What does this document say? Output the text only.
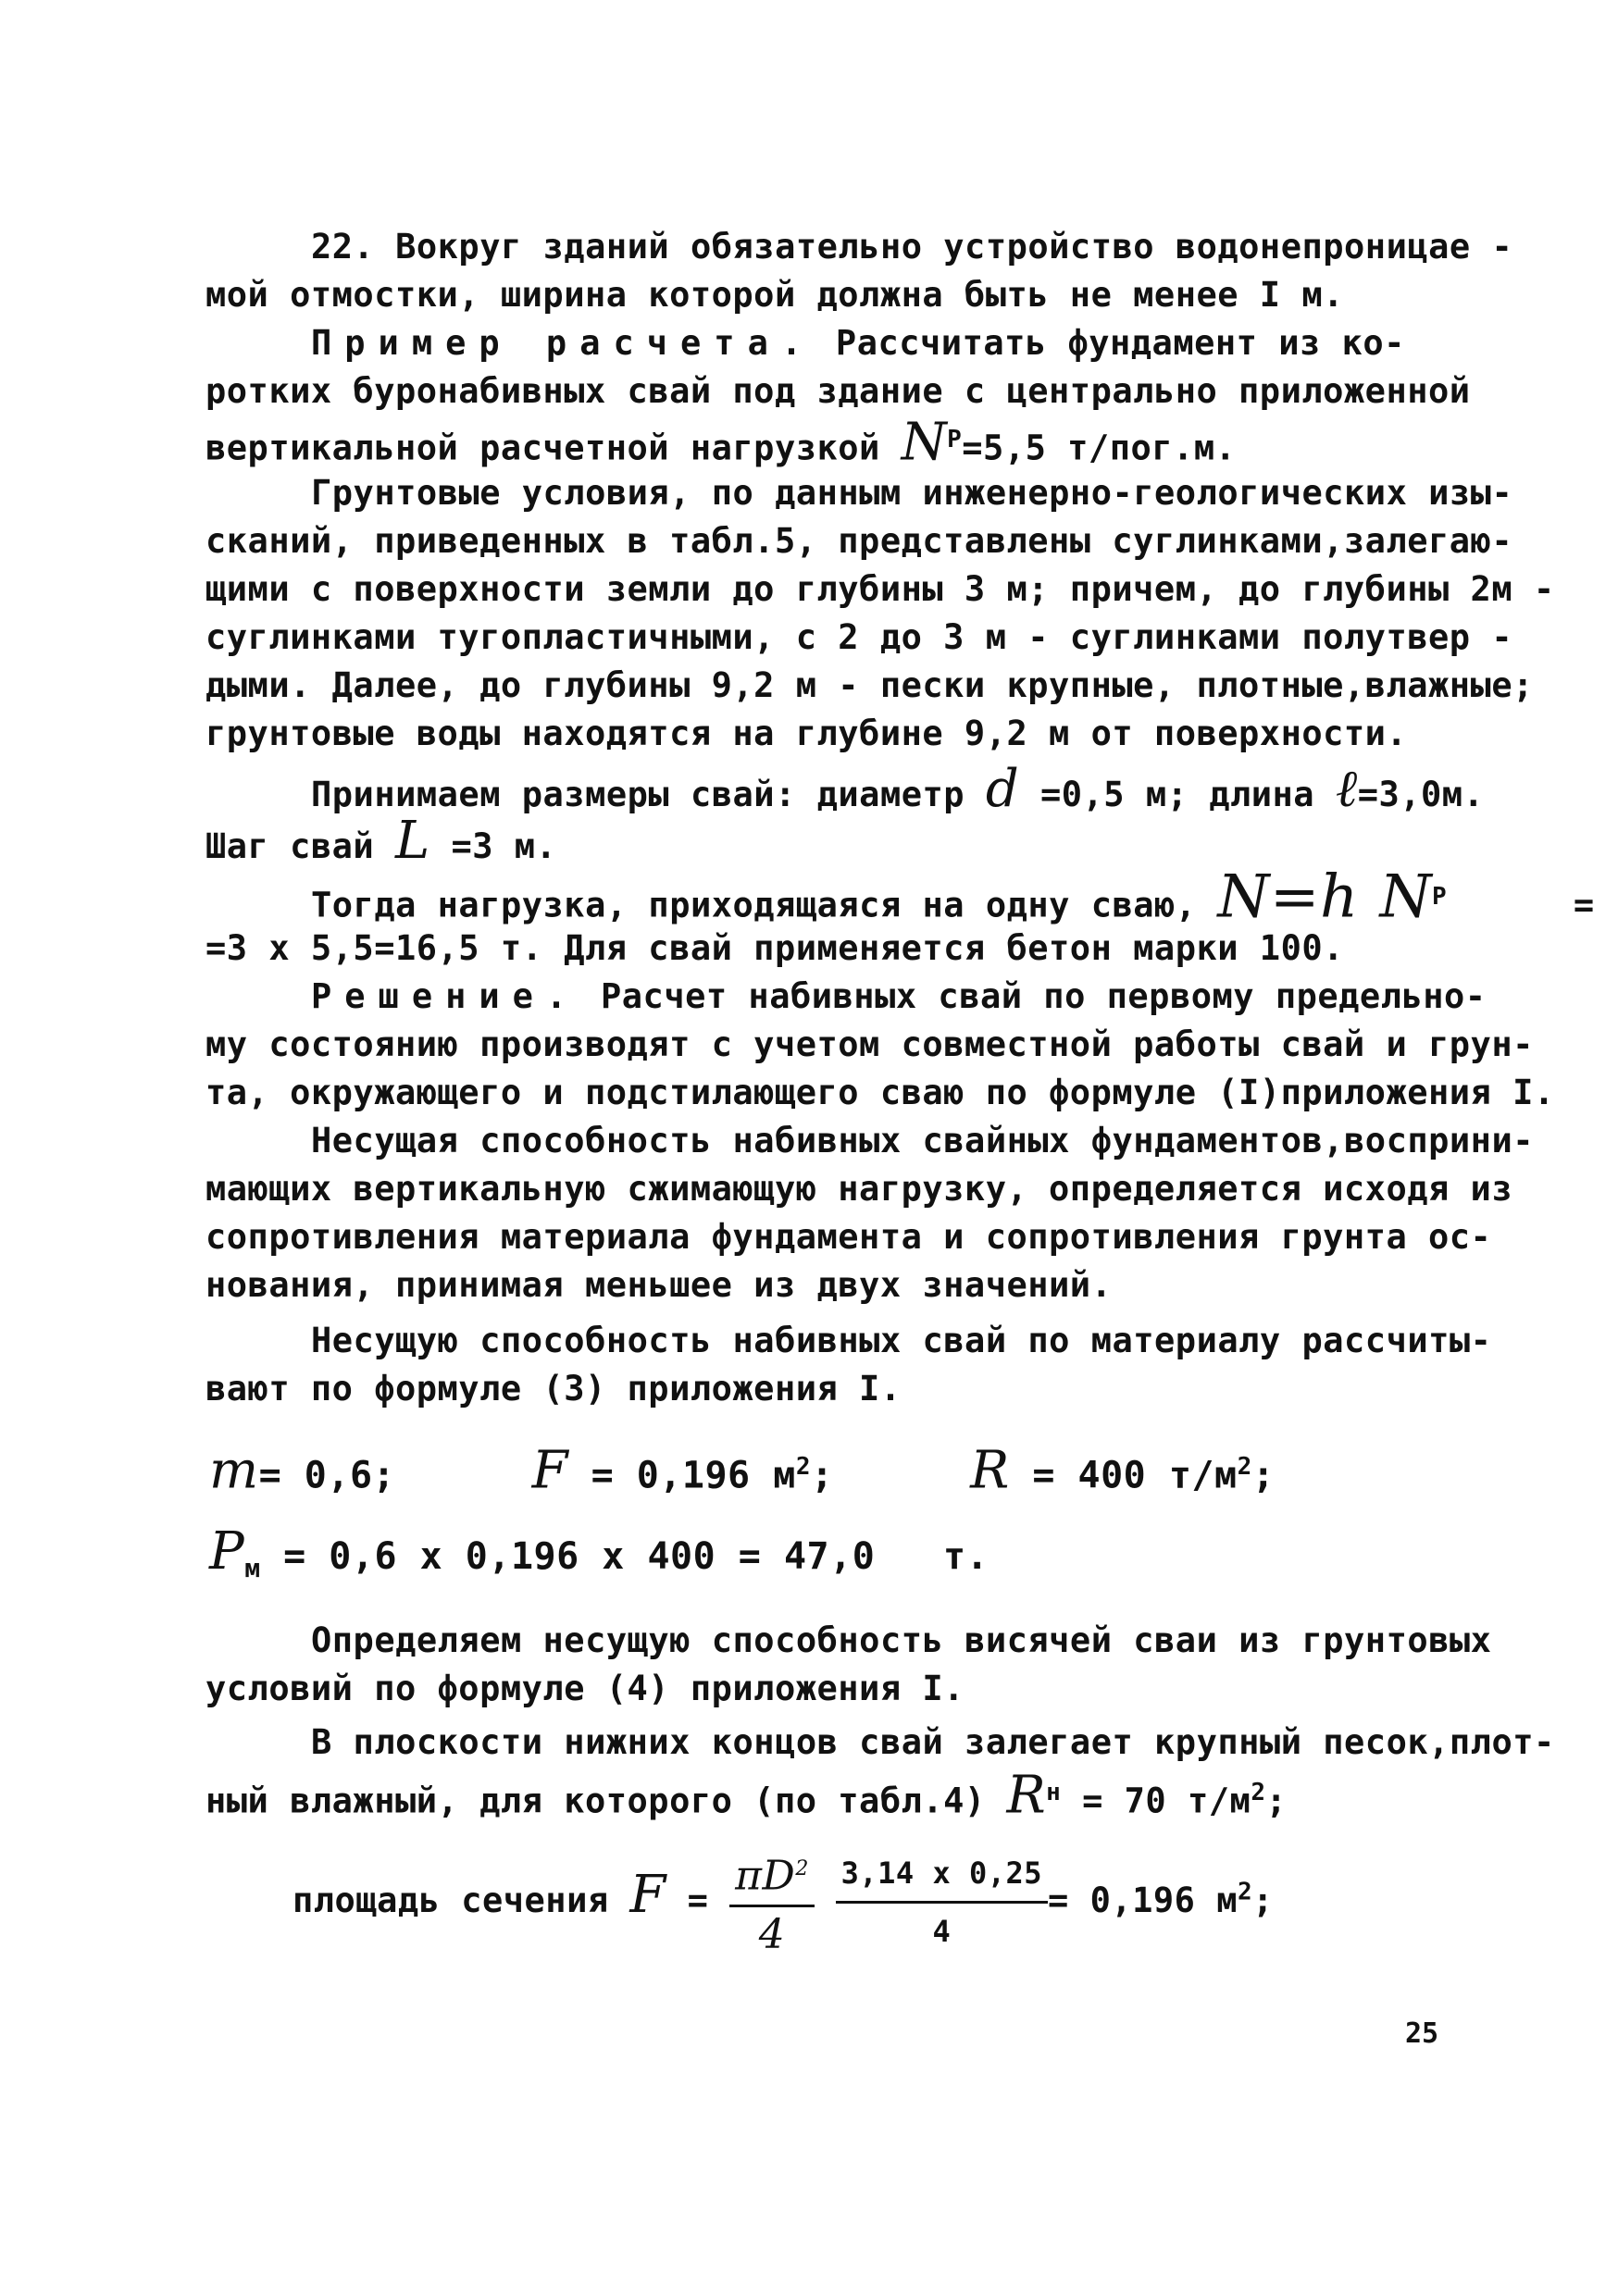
22. Вокруг зданий обязательно устройство водонепроницае -
мой отмостки, ширина которой должна быть не менее I м.
Пример расчета. Рассчитать фундамент из ко-
ротких буронабивных свай под здание с центрально приложенной
вертикальной расчетной нагрузкой $N^P=5,5$ т/пог.м.
Грунтовые условия, по данным инженерно-геологических изы-
сканий, приведенных в табл.5, представлены суглинками,залегаю-
щими с поверхности земли до глубины 3 м; причем, до глубины 2м -
суглинками тугопластичными, с 2 до 3 м - суглинками полутвер -
дыми. Далее, до глубины 9,2 м - пески крупные, плотные,влажные;
грунтовые воды находятся на глубине 9,2 м от поверхности.
Принимаем размеры свай: диаметр d =0,5 м; длина ℓ=3,0м.
Шаг свай L =3 м.
Тогда нагрузка, приходящаяся на одну сваю, N=h $N^P$	=
=3 х 5,5=16,5 т. Для свай применяется бетон марки 100.
Решение. Расчет набивных свай по первому предельно-
му состоянию производят с учетом совместной работы свай и грун-
та, окружающего и подстилающего сваю по формуле (I)приложения I.
Несущая способность набивных свайных фундаментов,восприни-
мающих вертикальную сжимающую нагрузку, определяется исходя из
сопротивления материала фундамента и сопротивления грунта ос-
нования, принимая меньшее из двух значений.
Несущую способность набивных свай по материалу рассчиты-
вают по формуле (3) приложения I.
m= 0,6;	F = 0,196 $м^2$;	R = 400 $т/м^2$;
$P_м = 0,6$ х 0,196 х 400 = 47,0   т.
Определяем несущую способность висячей сваи из грунтовых
условий по формуле (4) приложения I.
В плоскости нижних концов свай залегает крупный песок,плот-
ный влажный, для которого (по табл.4) $R^н = 70$ $т/м^2$;
площадь сечения $F = \frac{\pi D^2}{4}$
$\frac{3,14 х 0,25}{4} = 0,196$ $м^2$;
25
